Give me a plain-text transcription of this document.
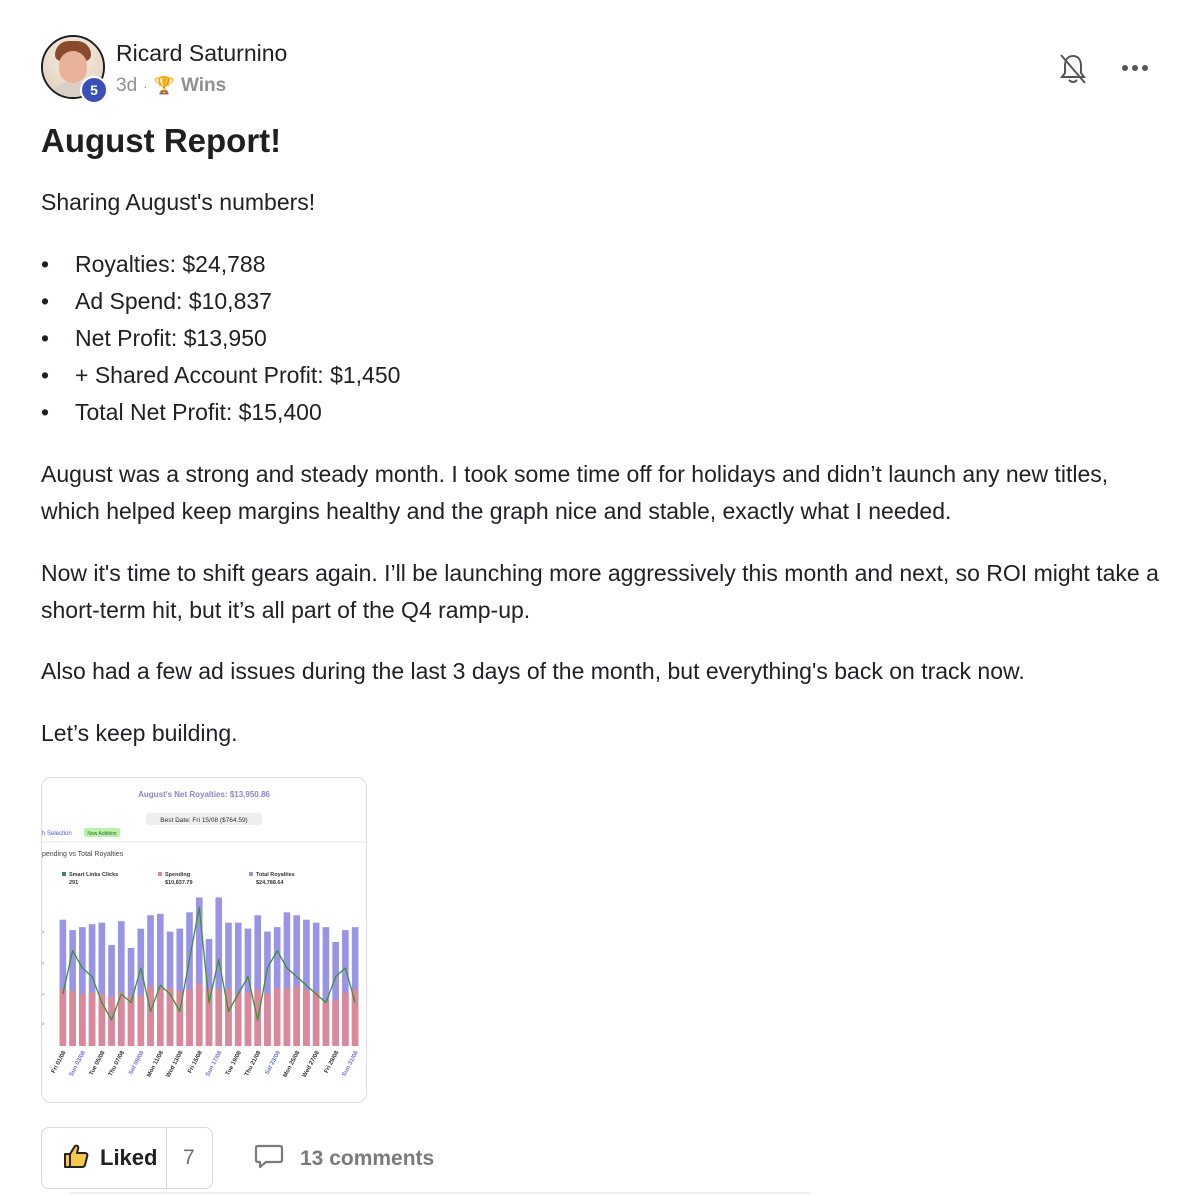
5
Ricard Saturnino
3d · 🏆 Wins
August Report!

Sharing August's numbers!

• Royalties: $24,788
• Ad Spend: $10,837
• Net Profit: $13,950
• + Shared Account Profit: $1,450
• Total Net Profit: $15,400

August was a strong and steady month. I took some time off for holidays and didn’t launch any new titles, which helped keep margins healthy and the graph nice and stable, exactly what I needed.

Now it's time to shift gears again. I’ll be launching more aggressively this month and next, so ROI might take a short-term hit, but it’s all part of the Q4 ramp-up.

Also had a few ad issues during the last 3 days of the month, but everything's back on track now.

Let’s keep building.

August's Net Royalties: $13,950.86
Best Date: Fri 15/08 ($764.59)
h Selection	New Addition
pending vs Total Royalties
Smart Links Clicks
291
Spending
$10,837.79
Total Royalties
$24,788.64
›
›
›
›
Fri 01/08 Sun 03/08 Tue 05/08 Thu 07/08 Sat 09/08 Mon 11/08 Wed 13/08 Fri 15/08 Sun 17/08 Tue 19/08 Thu 21/08 Sat 23/08 Mon 25/08 Wed 27/08 Fri 29/08 Sun 31/08
Liked	7	13 comments
